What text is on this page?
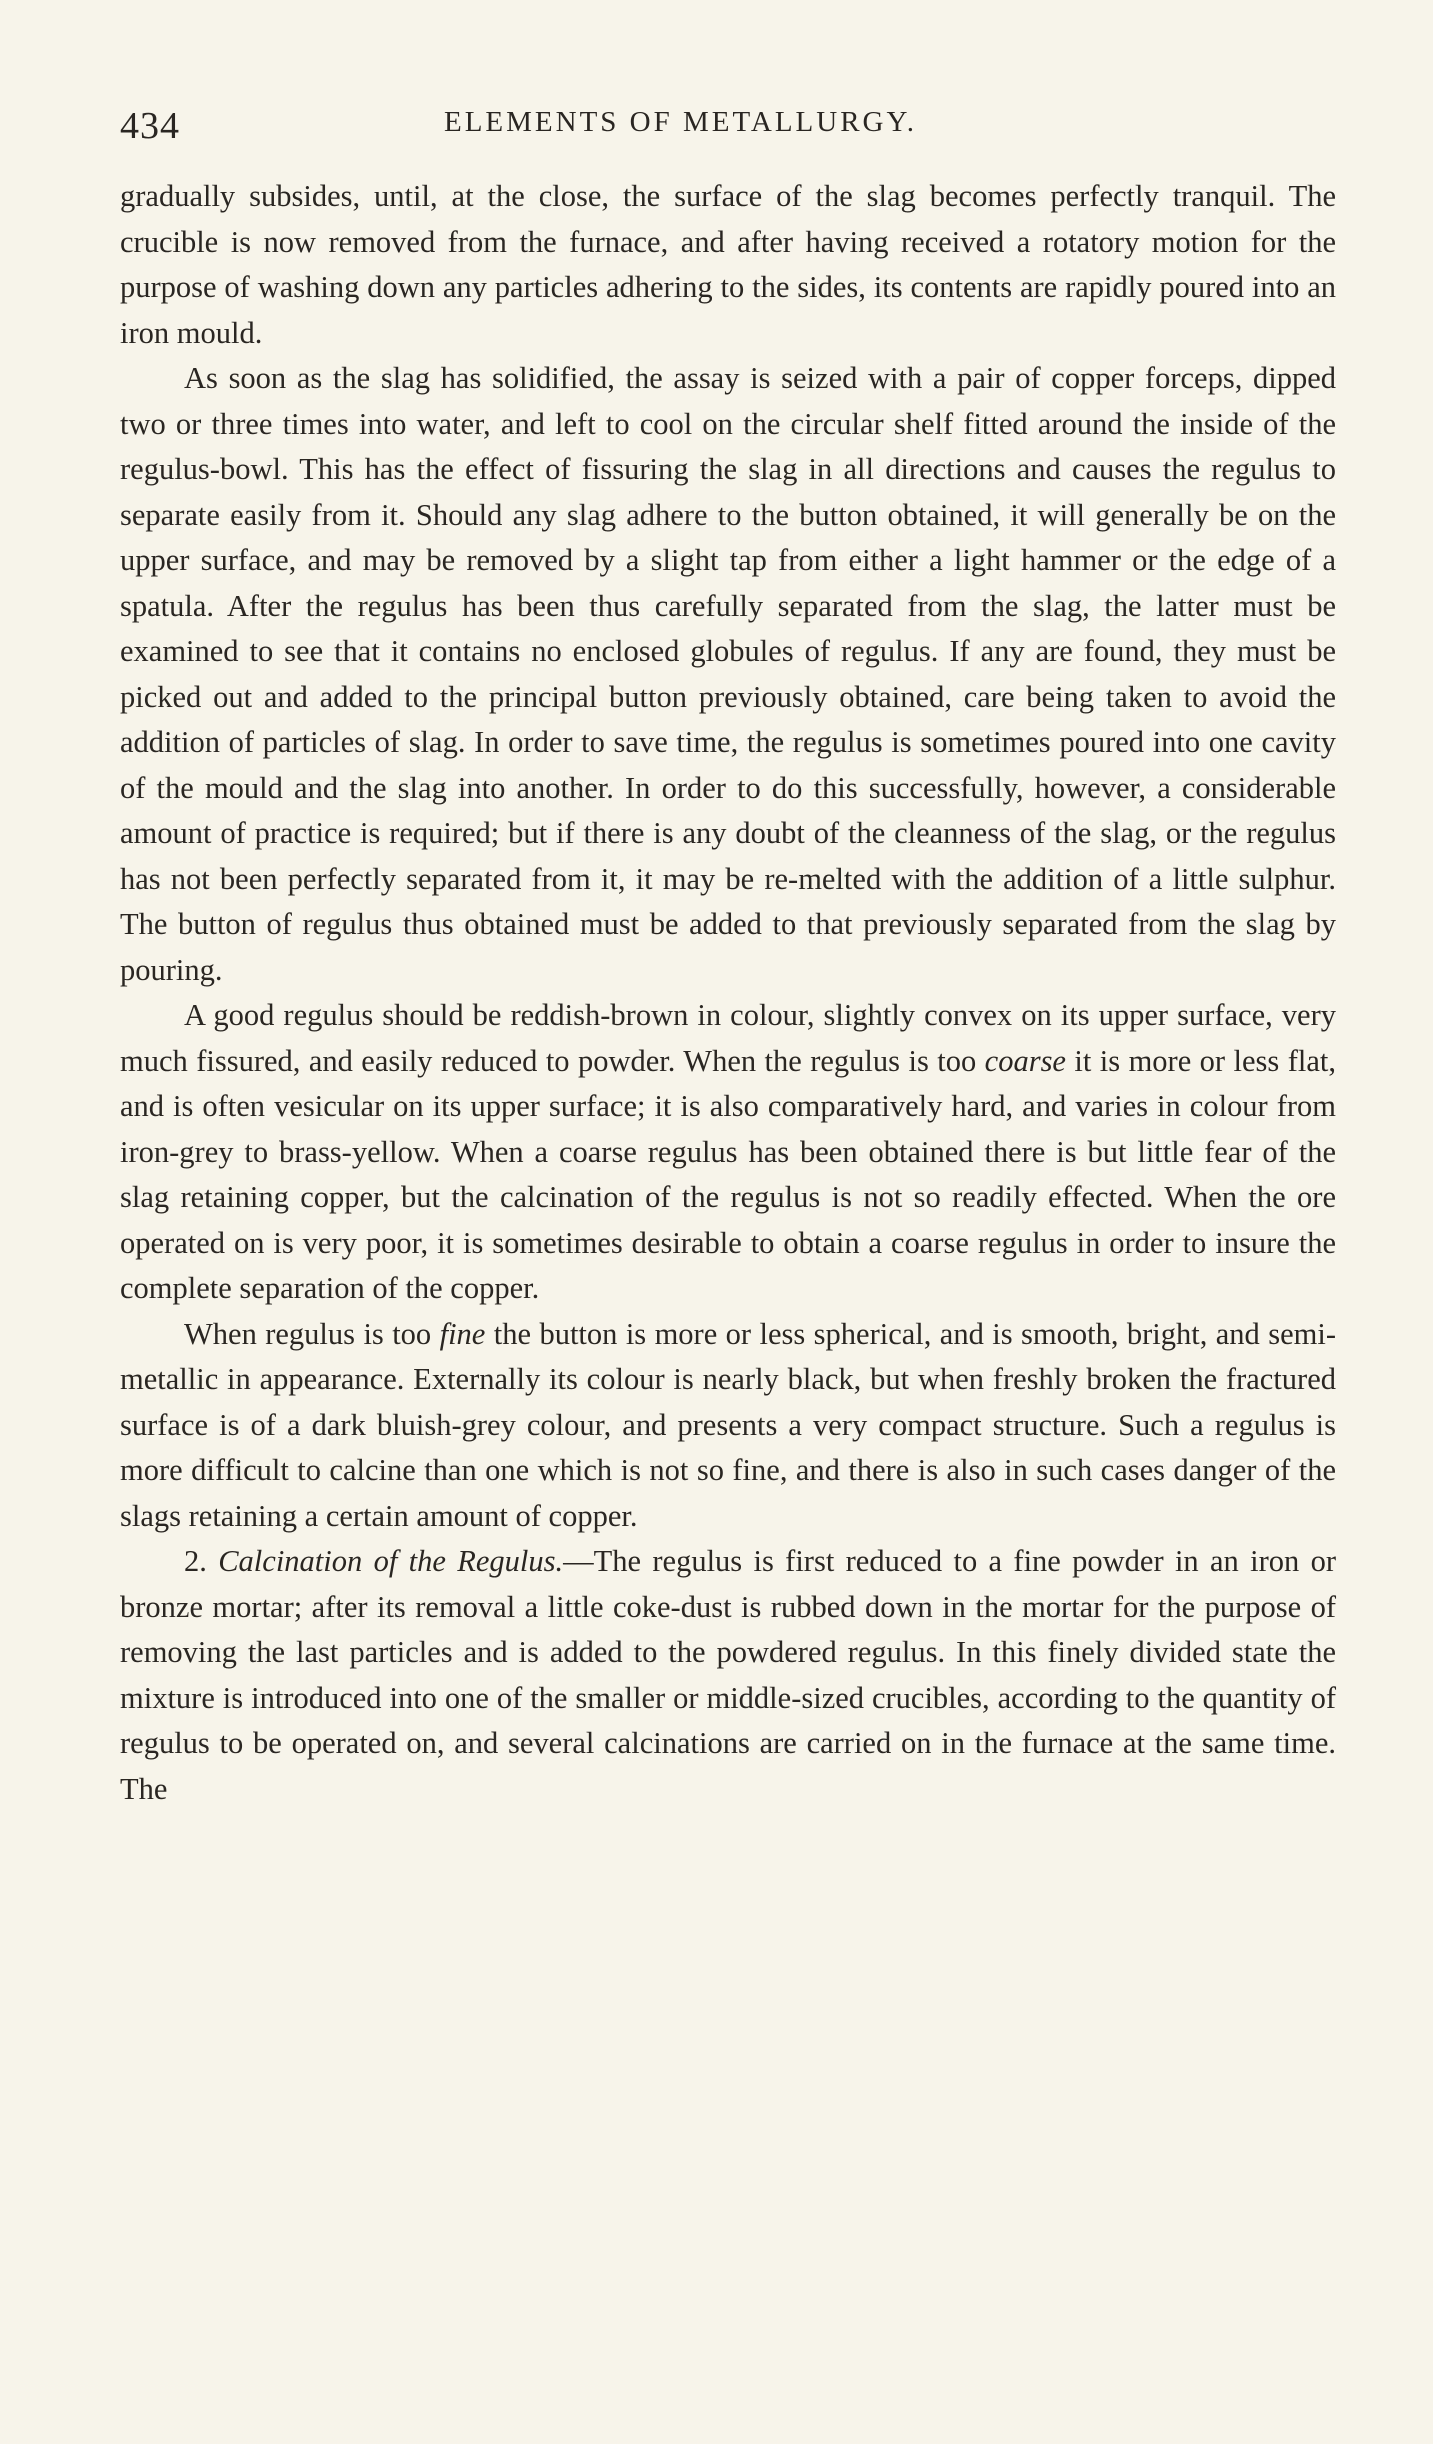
434	ELEMENTS OF METALLURGY.

gradually subsides, until, at the close, the surface of the slag becomes perfectly tranquil. The crucible is now removed from the furnace, and after having received a rotatory motion for the purpose of washing down any particles adhering to the sides, its contents are rapidly poured into an iron mould.

As soon as the slag has solidified, the assay is seized with a pair of copper forceps, dipped two or three times into water, and left to cool on the circular shelf fitted around the inside of the regulus-bowl. This has the effect of fissuring the slag in all directions and causes the regulus to separate easily from it. Should any slag adhere to the button obtained, it will generally be on the upper surface, and may be removed by a slight tap from either a light hammer or the edge of a spatula. After the regulus has been thus carefully separated from the slag, the latter must be examined to see that it contains no enclosed globules of regulus. If any are found, they must be picked out and added to the principal button previously obtained, care being taken to avoid the addition of particles of slag. In order to save time, the regulus is sometimes poured into one cavity of the mould and the slag into another. In order to do this successfully, however, a considerable amount of practice is required; but if there is any doubt of the cleanness of the slag, or the regulus has not been perfectly separated from it, it may be re-melted with the addition of a little sulphur. The button of regulus thus obtained must be added to that previously separated from the slag by pouring.

A good regulus should be reddish-brown in colour, slightly convex on its upper surface, very much fissured, and easily reduced to powder. When the regulus is too coarse it is more or less flat, and is often vesicular on its upper surface; it is also comparatively hard, and varies in colour from iron-grey to brass-yellow. When a coarse regulus has been obtained there is but little fear of the slag retaining copper, but the calcination of the regulus is not so readily effected. When the ore operated on is very poor, it is sometimes desirable to obtain a coarse regulus in order to insure the complete separation of the copper.

When regulus is too fine the button is more or less spherical, and is smooth, bright, and semi-metallic in appearance. Externally its colour is nearly black, but when freshly broken the fractured surface is of a dark bluish-grey colour, and presents a very compact structure. Such a regulus is more difficult to calcine than one which is not so fine, and there is also in such cases danger of the slags retaining a certain amount of copper.

2. Calcination of the Regulus.—The regulus is first reduced to a fine powder in an iron or bronze mortar; after its removal a little coke-dust is rubbed down in the mortar for the purpose of removing the last particles and is added to the powdered regulus. In this finely divided state the mixture is introduced into one of the smaller or middle-sized crucibles, according to the quantity of regulus to be operated on, and several calcinations are carried on in the furnace at the same time. The
